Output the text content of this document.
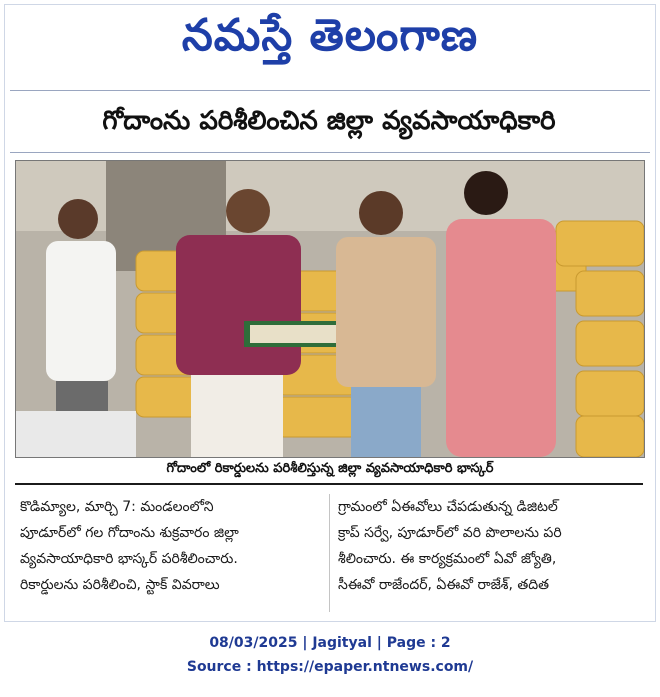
నమస్తే తెలంగాణ
గోదాంను పరిశీలించిన జిల్లా వ్యవసాయాధికారి
గోదాంలో రికార్డులను పరిశీలిస్తున్న జిల్లా వ్యవసాయాధికారి భాస్కర్

కొడిమ్యాల, మార్చి 7: మండలంలోని

పూడూర్‌లో గల గోదాంను శుక్రవారం జిల్లా

వ్యవసాయాధికారి భాస్కర్ పరిశీలించారు.

రికార్డులను పరిశీలించి, స్టాక్ వివరాలు

గ్రామంలో ఏఈవోలు చేపడుతున్న డిజిటల్

క్రాప్ సర్వే, పూడూర్‌లో వరి పొలాలను పరి

శీలించారు. ఈ కార్యక్రమంలో ఏవో జ్యోతి,

సీఈవో రాజేందర్, ఏఈవో రాజేశ్, తదిత

08/03/2025 | Jagityal | Page : 2
Source : https://epaper.ntnews.com/
